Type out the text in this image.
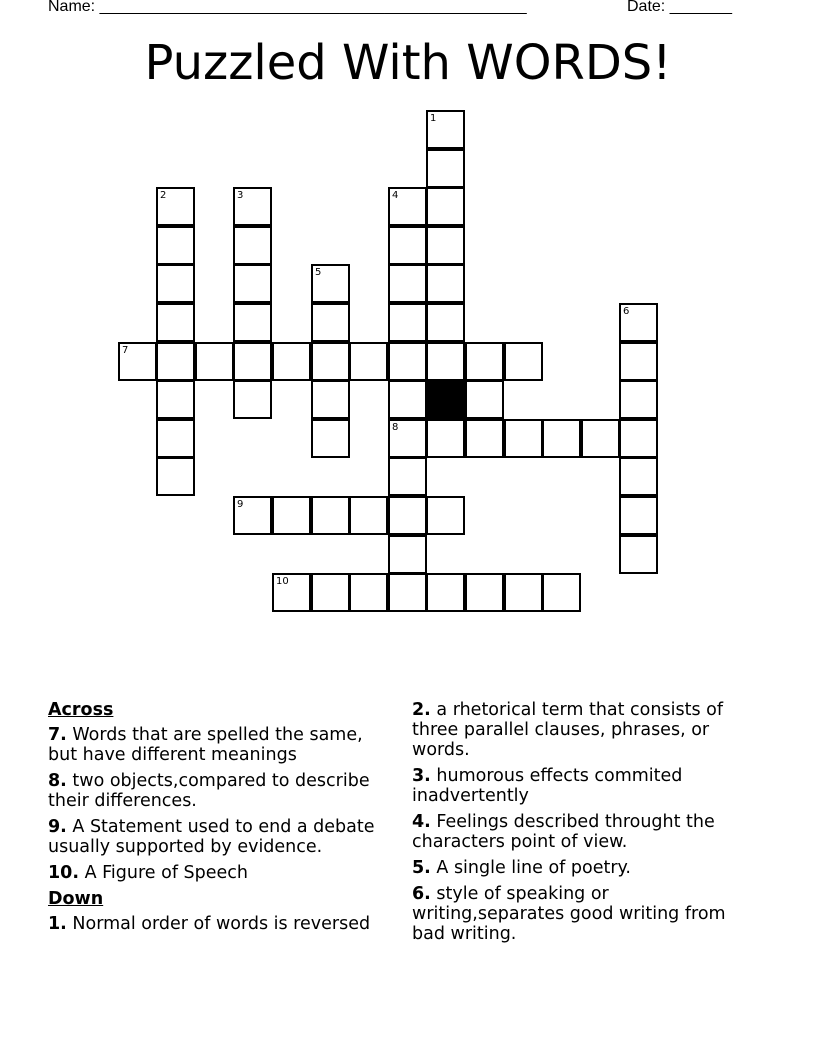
Name: ________________________________________________	Date: _______
Puzzled With WORDS!
1
2	3	4
5
6
7
8
9
10
Across
7. Words that are spelled the same, but have different meanings
8. two objects,compared to describe their differences.
9. A Statement used to end a debate usually supported by evidence.
10. A Figure of Speech
Down
1. Normal order of words is reversed
2. a rhetorical term that consists of three parallel clauses, phrases, or words.
3. humorous effects commited inadvertently
4. Feelings described throught the characters point of view.
5. A single line of poetry.
6. style of speaking or writing,separates good writing from bad writing.
